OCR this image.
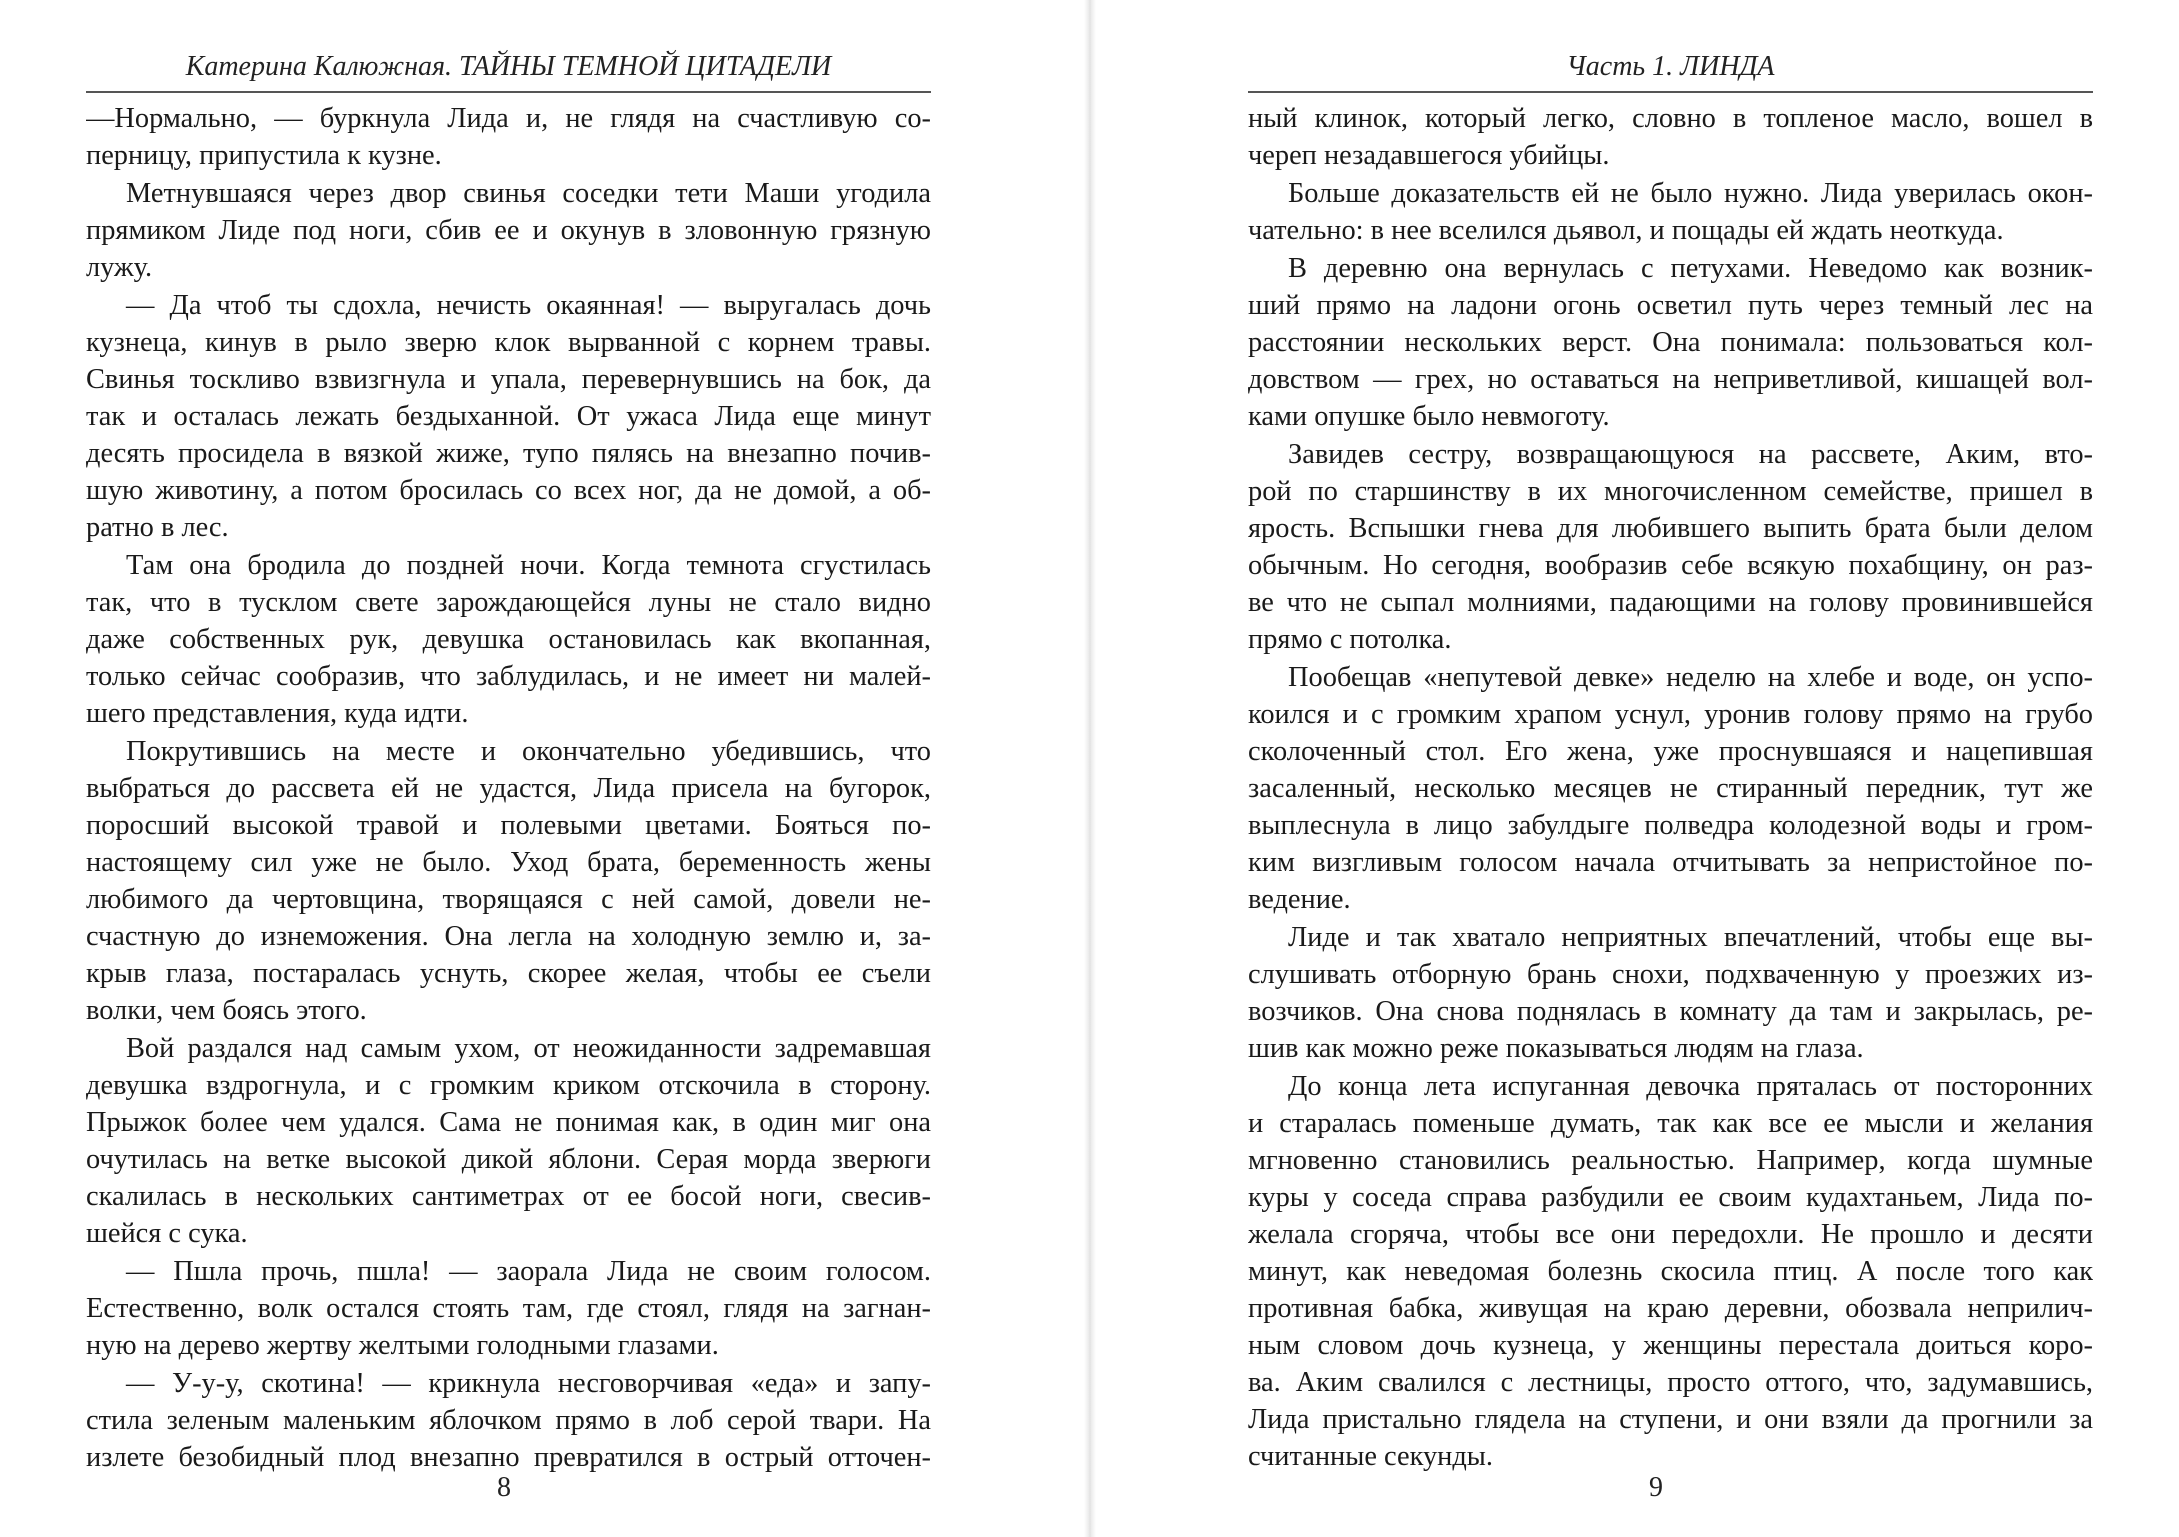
Катерина Калюжная. ТАЙНЫ ТЕМНОЙ ЦИТАДЕЛИ
—Нормально, — буркнула Лида и, не глядя на счастливую со-
перницу, припустила к кузне.
Метнувшаяся через двор свинья соседки тети Маши угодила
прямиком Лиде под ноги, сбив ее и окунув в зловонную грязную
лужу.
— Да чтоб ты сдохла, нечисть окаянная! — выругалась дочь
кузнеца, кинув в рыло зверю клок вырванной с корнем травы.
Свинья тоскливо взвизгнула и упала, перевернувшись на бок, да
так и осталась лежать бездыханной. От ужаса Лида еще минут
десять просидела в вязкой жиже, тупо пялясь на внезапно почив-
шую животину, а потом бросилась со всех ног, да не домой, а об-
ратно в лес.
Там она бродила до поздней ночи. Когда темнота сгустилась
так, что в тусклом свете зарождающейся луны не стало видно
даже собственных рук, девушка остановилась как вкопанная,
только сейчас сообразив, что заблудилась, и не имеет ни малей-
шего представления, куда идти.
Покрутившись на месте и окончательно убедившись, что
выбраться до рассвета ей не удастся, Лида присела на бугорок,
поросший высокой травой и полевыми цветами. Бояться по-
настоящему сил уже не было. Уход брата, беременность жены
любимого да чертовщина, творящаяся с ней самой, довели не-
счастную до изнеможения. Она легла на холодную землю и, за-
крыв глаза, постаралась уснуть, скорее желая, чтобы ее съели
волки, чем боясь этого.
Вой раздался над самым ухом, от неожиданности задремавшая
девушка вздрогнула, и с громким криком отскочила в сторону.
Прыжок более чем удался. Сама не понимая как, в один миг она
очутилась на ветке высокой дикой яблони. Серая морда зверюги
скалилась в нескольких сантиметрах от ее босой ноги, свесив-
шейся с сука.
— Пшла прочь, пшла! — заорала Лида не своим голосом.
Естественно, волк остался стоять там, где стоял, глядя на загнан-
ную на дерево жертву желтыми голодными глазами.
— У-у-у, скотина! — крикнула несговорчивая «еда» и запу-
стила зеленым маленьким яблочком прямо в лоб серой твари. На
излете безобидный плод внезапно превратился в острый отточен-
8
Часть 1. ЛИНДА
ный клинок, который легко, словно в топленое масло, вошел в
череп незадавшегося убийцы.
Больше доказательств ей не было нужно. Лида уверилась окон-
чательно: в нее вселился дьявол, и пощады ей ждать неоткуда.
В деревню она вернулась с петухами. Неведомо как возник-
ший прямо на ладони огонь осветил путь через темный лес на
расстоянии нескольких верст. Она понимала: пользоваться кол-
довством — грех, но оставаться на неприветливой, кишащей вол-
ками опушке было невмоготу.
Завидев сестру, возвращающуюся на рассвете, Аким, вто-
рой по старшинству в их многочисленном семействе, пришел в
ярость. Вспышки гнева для любившего выпить брата были делом
обычным. Но сегодня, вообразив себе всякую похабщину, он раз-
ве что не сыпал молниями, падающими на голову провинившейся
прямо с потолка.
Пообещав «непутевой девке» неделю на хлебе и воде, он успо-
коился и с громким храпом уснул, уронив голову прямо на грубо
сколоченный стол. Его жена, уже проснувшаяся и нацепившая
засаленный, несколько месяцев не стиранный передник, тут же
выплеснула в лицо забулдыге полведра колодезной воды и гром-
ким визгливым голосом начала отчитывать за непристойное по-
ведение.
Лиде и так хватало неприятных впечатлений, чтобы еще вы-
слушивать отборную брань снохи, подхваченную у проезжих из-
возчиков. Она снова поднялась в комнату да там и закрылась, ре-
шив как можно реже показываться людям на глаза.
До конца лета испуганная девочка пряталась от посторонних
и старалась поменьше думать, так как все ее мысли и желания
мгновенно становились реальностью. Например, когда шумные
куры у соседа справа разбудили ее своим кудахтаньем, Лида по-
желала сгоряча, чтобы все они передохли. Не прошло и десяти
минут, как неведомая болезнь скосила птиц. А после того как
противная бабка, живущая на краю деревни, обозвала неприлич-
ным словом дочь кузнеца, у женщины перестала доиться коро-
ва. Аким свалился с лестницы, просто оттого, что, задумавшись,
Лида пристально глядела на ступени, и они взяли да прогнили за
считанные секунды.
9
